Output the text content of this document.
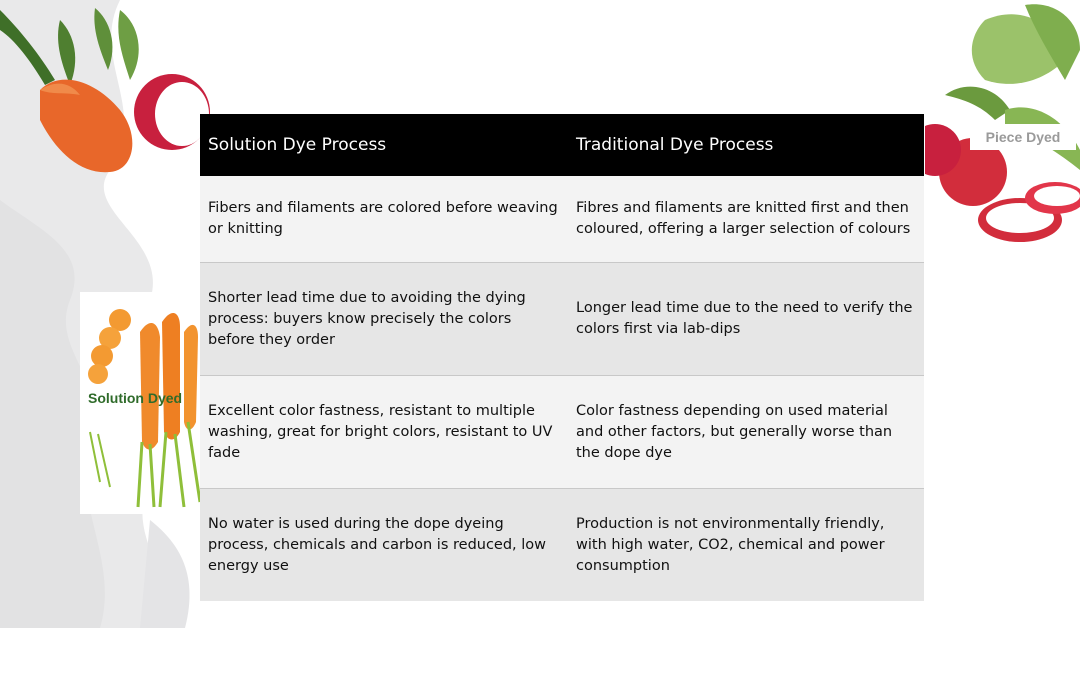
Solution Dyed
Piece Dyed
Solution Dye Process	Traditional Dye Process
Fibers and filaments are colored before weaving or knitting	Fibres and filaments are knitted first and then coloured, offering a larger selection of colours
Shorter lead time due to avoiding the dying process: buyers know precisely the colors before they order	Longer lead time due to the need to verify the colors first via lab-dips
Excellent color fastness, resistant to multiple washing, great for bright colors, resistant to UV fade	Color fastness depending on used material and other factors, but generally worse than the dope dye
No water is used during the dope dyeing process, chemicals and carbon is reduced, low energy use	Production is not environmentally friendly, with high water, CO2, chemical and power consumption
